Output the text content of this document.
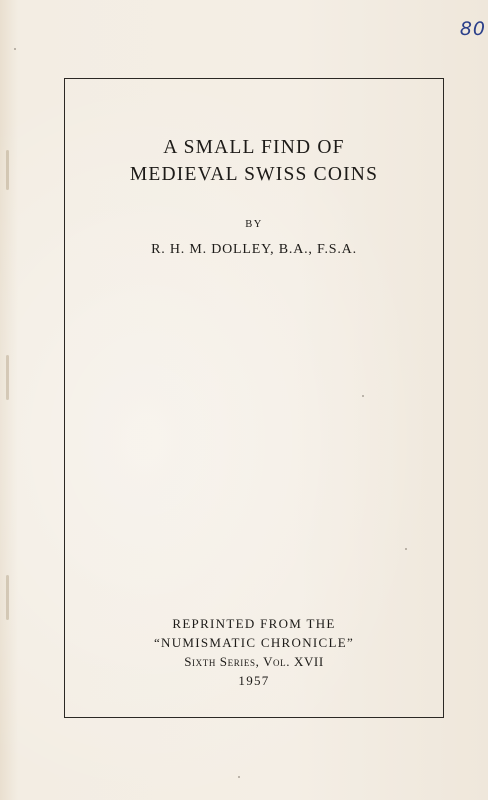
80
A SMALL FIND OF
MEDIEVAL SWISS COINS
BY
R. H. M. DOLLEY, B.A., F.S.A.
REPRINTED FROM THE
“NUMISMATIC CHRONICLE”
Sixth Series, Vol. XVII
1957
